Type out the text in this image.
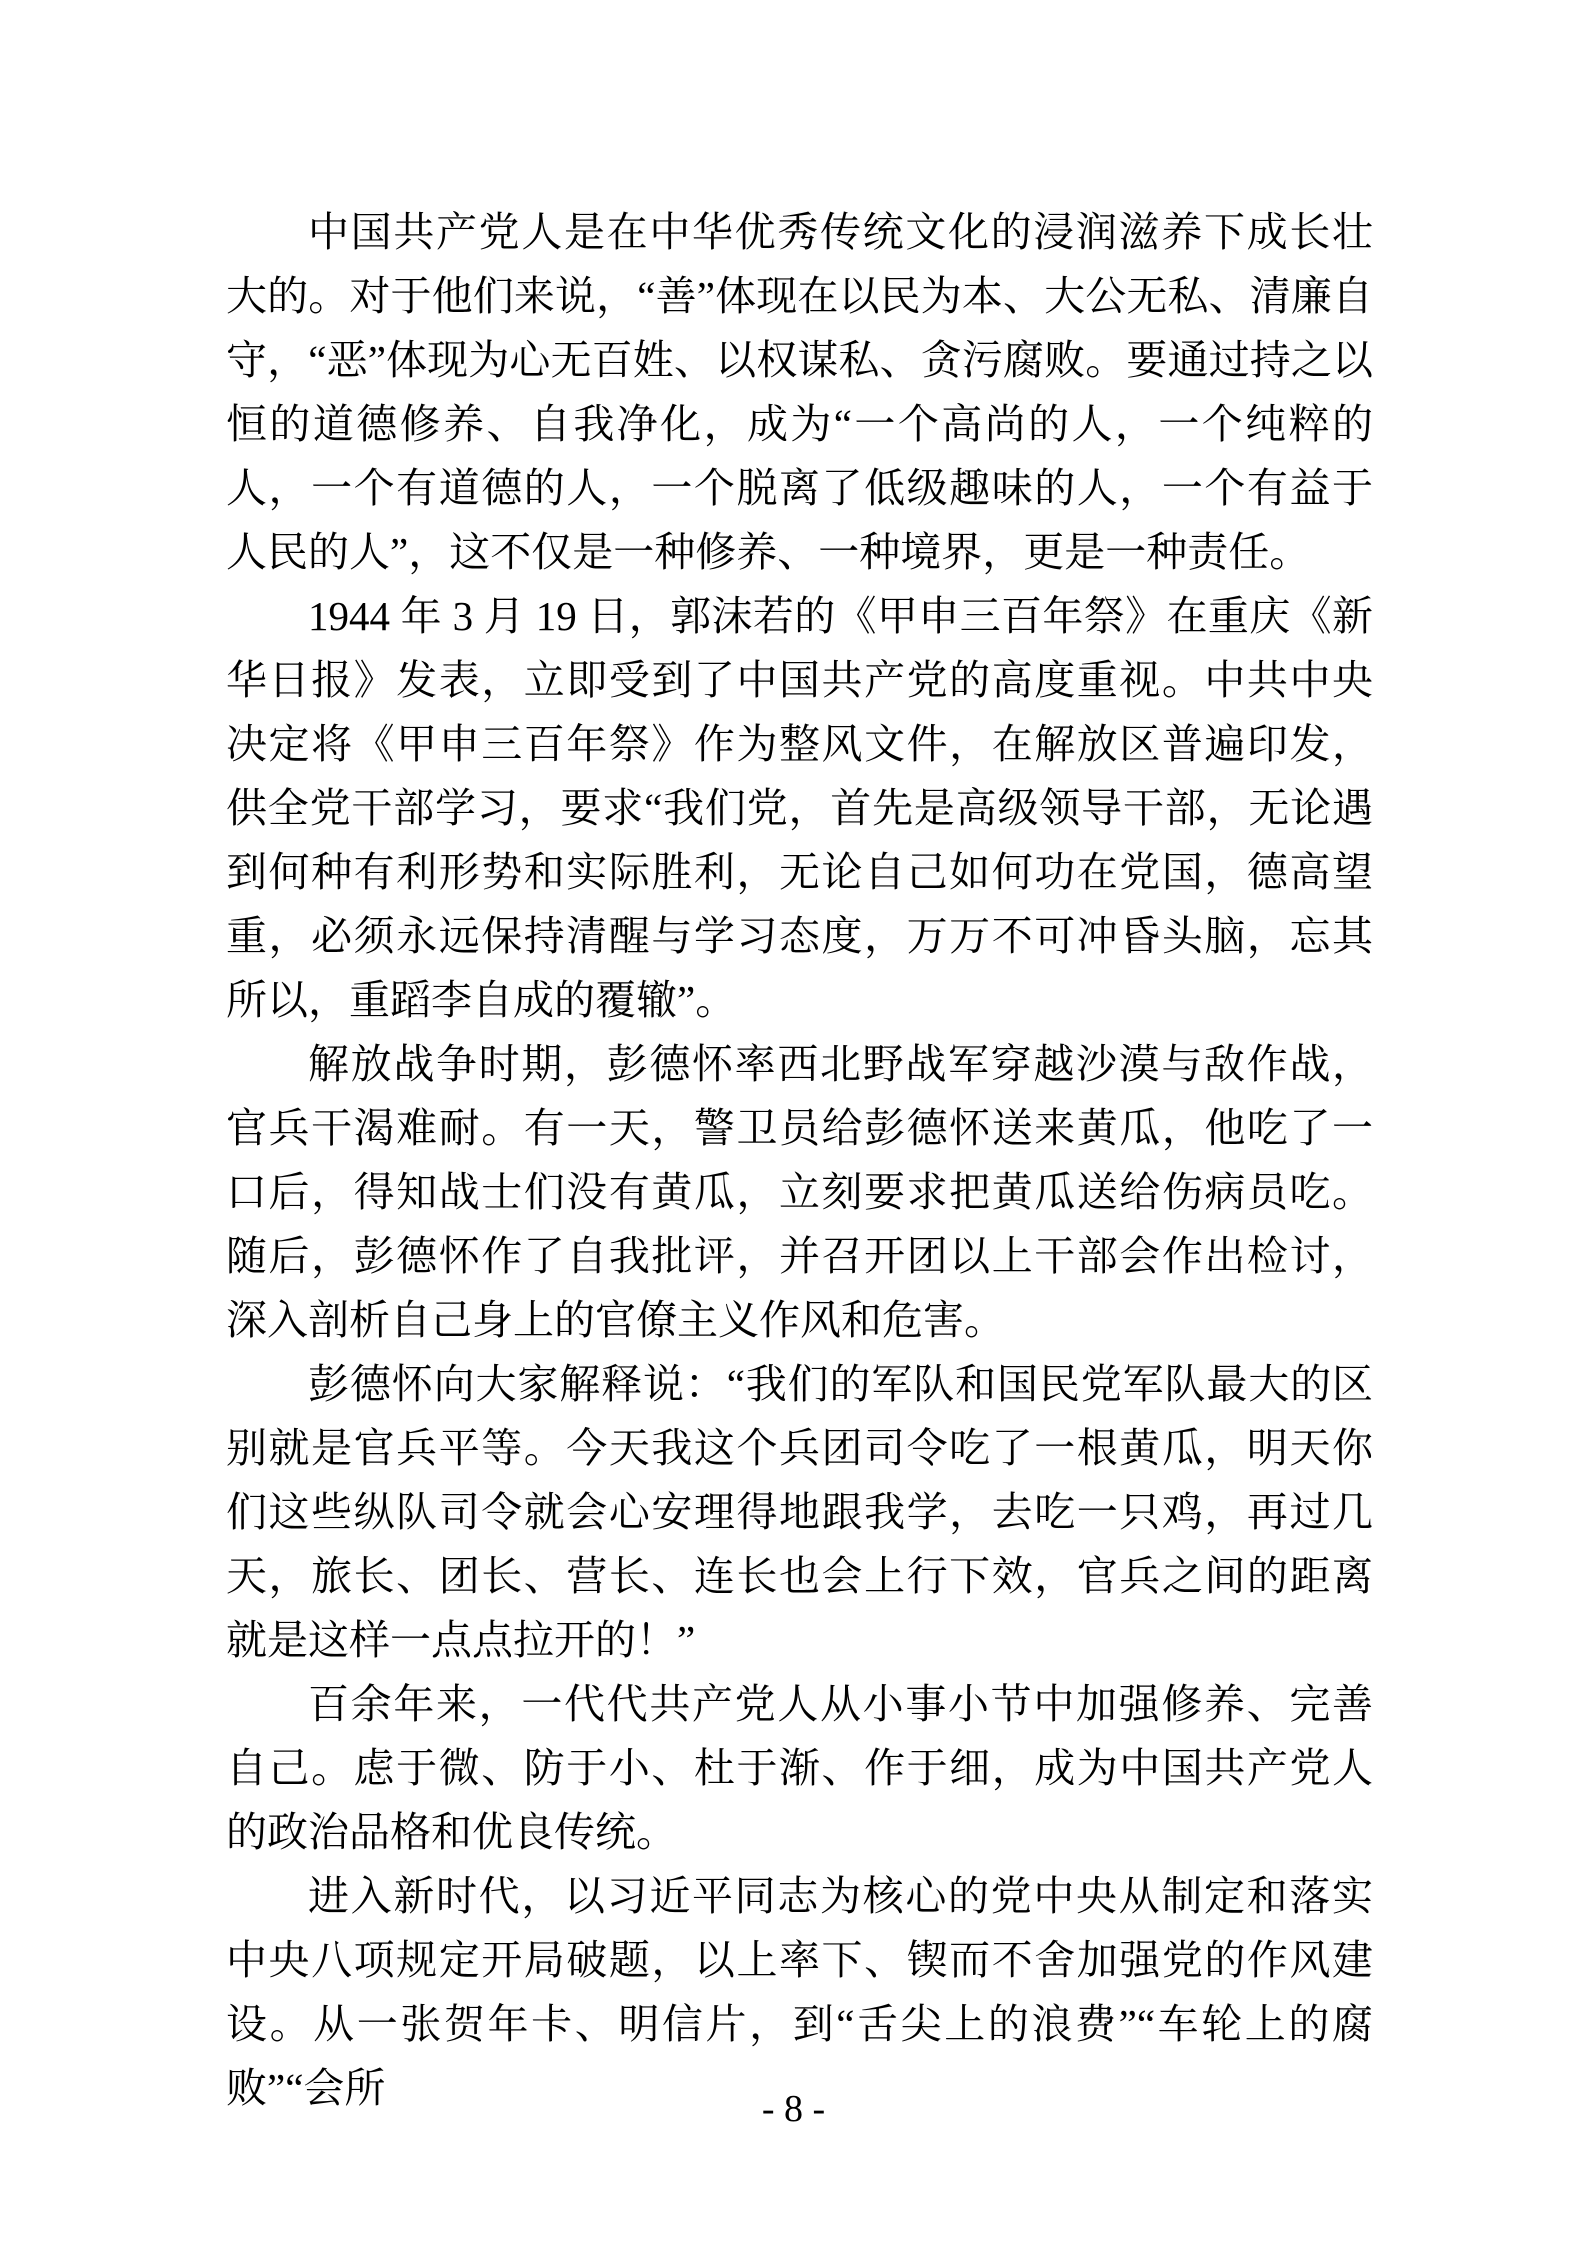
中国共产党人是在中华优秀传统文化的浸润滋养下成长壮大的。对于他们来说，“善”体现在以民为本、大公无私、清廉自守，“恶”体现为心无百姓、以权谋私、贪污腐败。要通过持之以恒的道德修养、自我净化，成为“一个高尚的人，一个纯粹的人，一个有道德的人，一个脱离了低级趣味的人，一个有益于人民的人”，这不仅是一种修养、一种境界，更是一种责任。

1944 年 3 月 19 日，郭沫若的《甲申三百年祭》在重庆《新华日报》发表，立即受到了中国共产党的高度重视。中共中央决定将《甲申三百年祭》作为整风文件，在解放区普遍印发，供全党干部学习，要求“我们党，首先是高级领导干部，无论遇到何种有利形势和实际胜利，无论自己如何功在党国，德高望重，必须永远保持清醒与学习态度，万万不可冲昏头脑，忘其所以，重蹈李自成的覆辙”。

解放战争时期，彭德怀率西北野战军穿越沙漠与敌作战，官兵干渴难耐。有一天，警卫员给彭德怀送来黄瓜，他吃了一口后，得知战士们没有黄瓜，立刻要求把黄瓜送给伤病员吃。随后，彭德怀作了自我批评，并召开团以上干部会作出检讨，深入剖析自己身上的官僚主义作风和危害。

彭德怀向大家解释说：“我们的军队和国民党军队最大的区别就是官兵平等。今天我这个兵团司令吃了一根黄瓜，明天你们这些纵队司令就会心安理得地跟我学，去吃一只鸡，再过几天，旅长、团长、营长、连长也会上行下效，官兵之间的距离就是这样一点点拉开的！”

百余年来，一代代共产党人从小事小节中加强修养、完善自己。虑于微、防于小、杜于渐、作于细，成为中国共产党人的政治品格和优良传统。

进入新时代，以习近平同志为核心的党中央从制定和落实中央八项规定开局破题，以上率下、锲而不舍加强党的作风建设。从一张贺年卡、明信片，到“舌尖上的浪费”“车轮上的腐败”“会所	- 8 -
